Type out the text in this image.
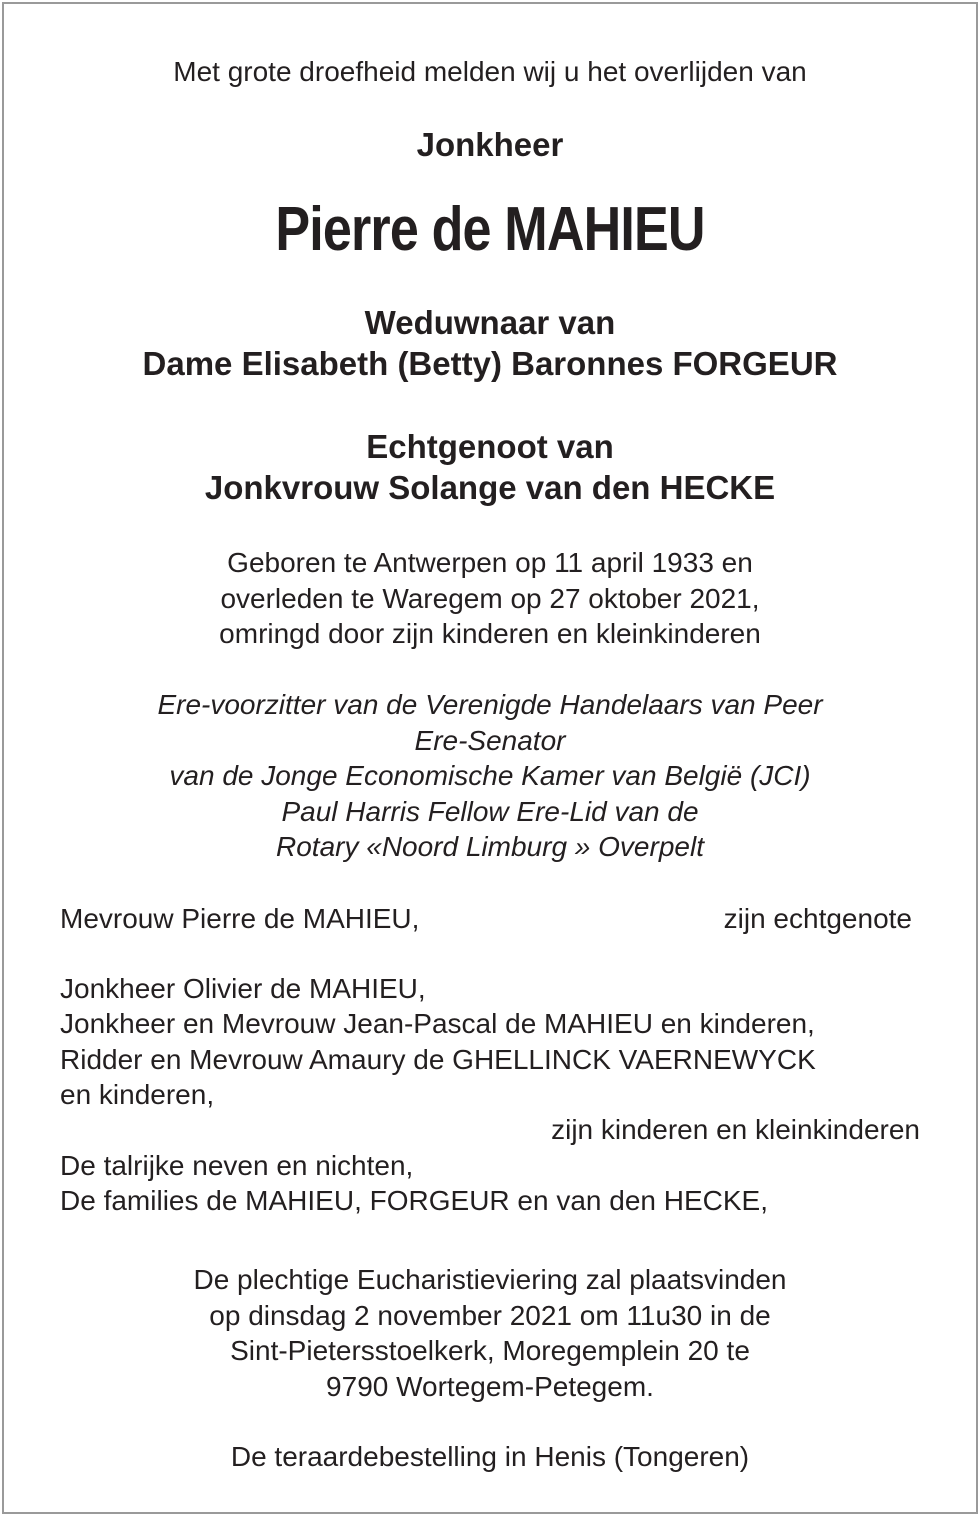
Met grote droefheid melden wij u het overlijden van
Jonkheer
Pierre de MAHIEU
Weduwnaar van
Dame Elisabeth (Betty) Baronnes FORGEUR
Echtgenoot van
Jonkvrouw Solange van den HECKE
Geboren te Antwerpen op 11 april 1933 en
overleden te Waregem op 27 oktober 2021,
omringd door zijn kinderen en kleinkinderen
Ere-voorzitter van de Verenigde Handelaars van Peer
Ere-Senator
van de Jonge Economische Kamer van België (JCI)
Paul Harris Fellow Ere-Lid van de
Rotary «Noord Limburg » Overpelt
Mevrouw Pierre de MAHIEU,	zijn echtgenote
Jonkheer Olivier de MAHIEU,
Jonkheer en Mevrouw Jean-Pascal de MAHIEU en kinderen,
Ridder en Mevrouw Amaury de GHELLINCK VAERNEWYCK
en kinderen,
zijn kinderen en kleinkinderen
De talrijke neven en nichten,
De families de MAHIEU, FORGEUR en van den HECKE,
De plechtige Eucharistieviering zal plaatsvinden
op dinsdag 2 november 2021 om 11u30 in de
Sint-Pietersstoelkerk, Moregemplein 20 te
9790 Wortegem-Petegem.
De teraardebestelling in Henis (Tongeren)
